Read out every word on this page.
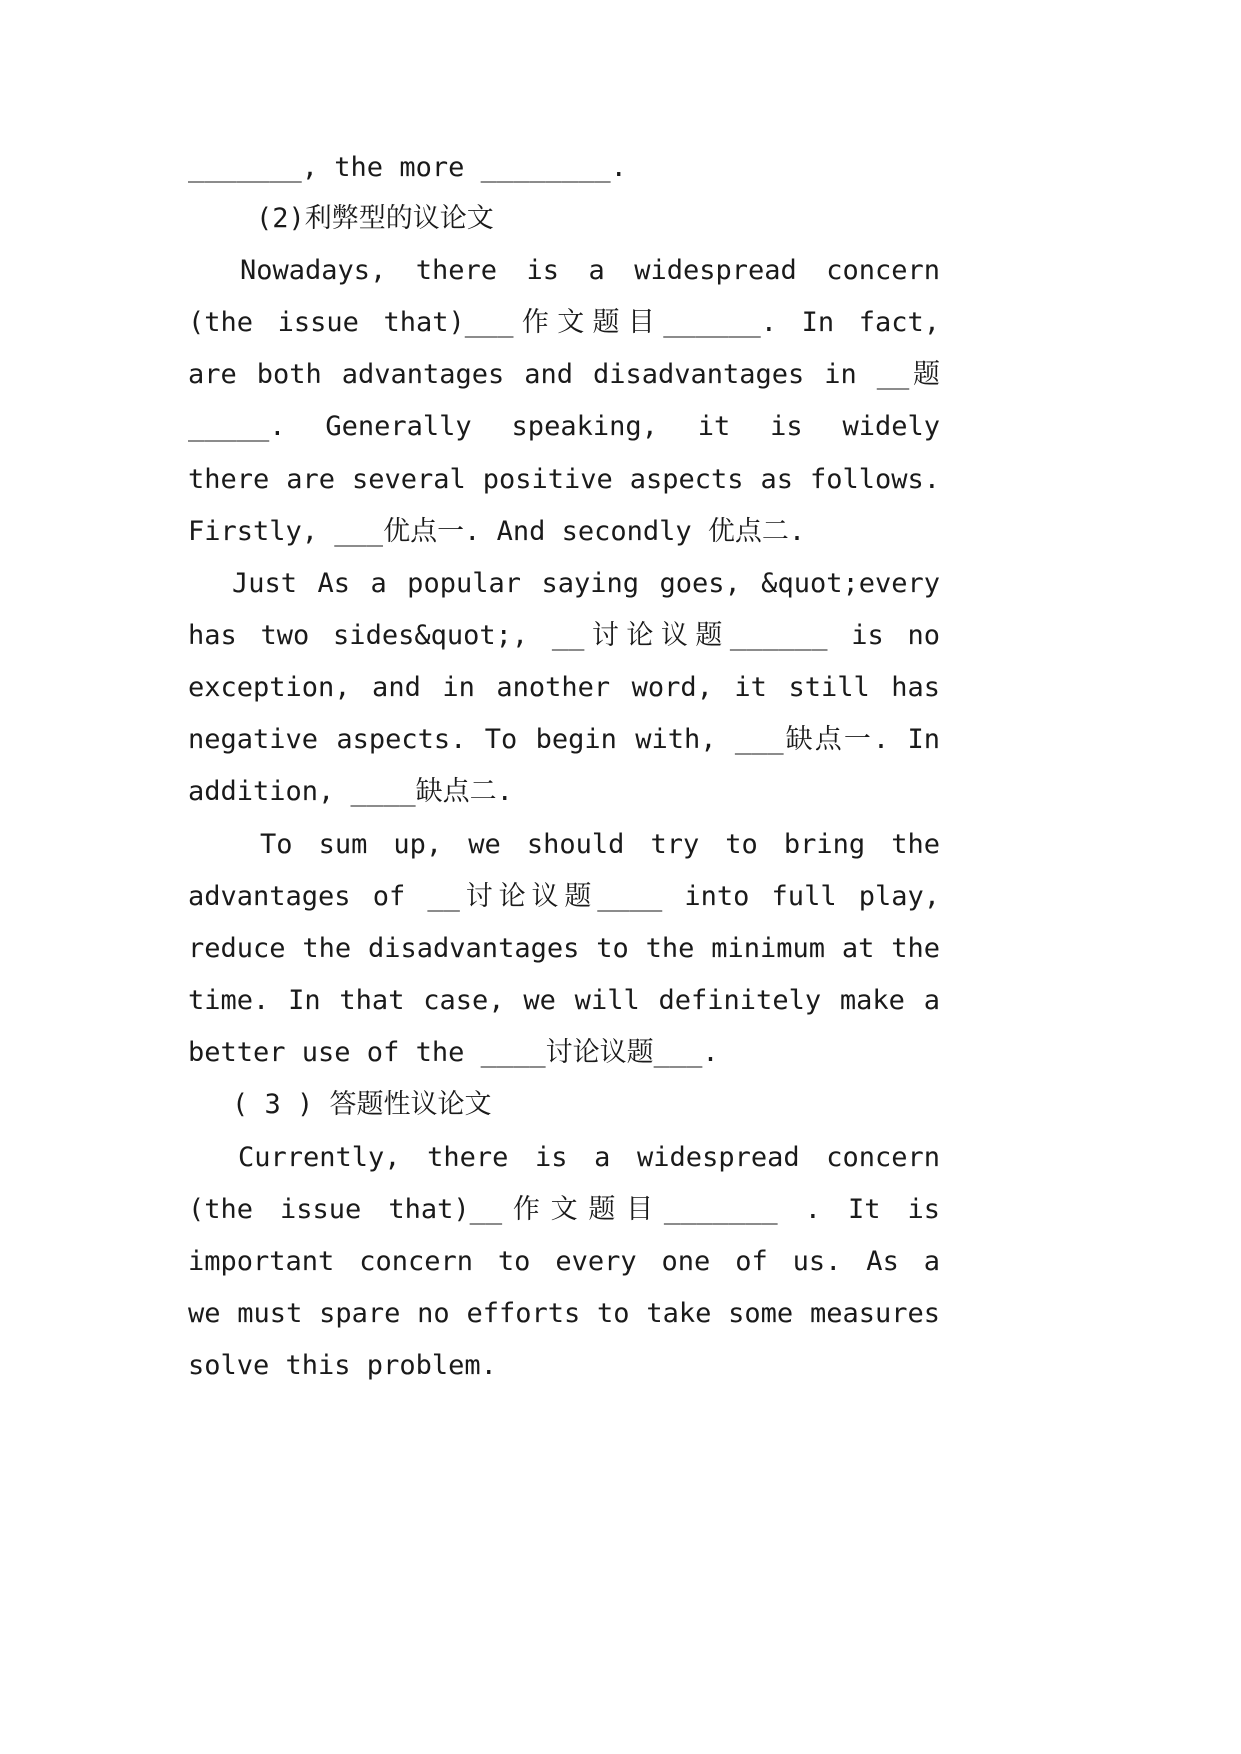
_______, the more ________.
(2)利弊型的议论文
Nowadays, there is a widespread concern
(the issue that)___作文题目______. In fact,
are both advantages and disadvantages in __题
_____. Generally speaking, it is widely
there are several positive aspects as follows.
Firstly, ___优点一. And secondly 优点二.
Just As a popular saying goes, &quot;every
has two sides&quot;, __讨论议题______ is no
exception, and in another word, it still has
negative aspects. To begin with, ___缺点一. In
addition, ____缺点二.
To sum up, we should try to bring the
advantages of __讨论议题____ into full play,
reduce the disadvantages to the minimum at the
time. In that case, we will definitely make a
better use of the ____讨论议题___.
( 3 ) 答题性议论文
Currently, there is a widespread concern
(the issue that)__作文题目_______ . It is
important concern to every one of us. As a
we must spare no efforts to take some measures
solve this problem.
